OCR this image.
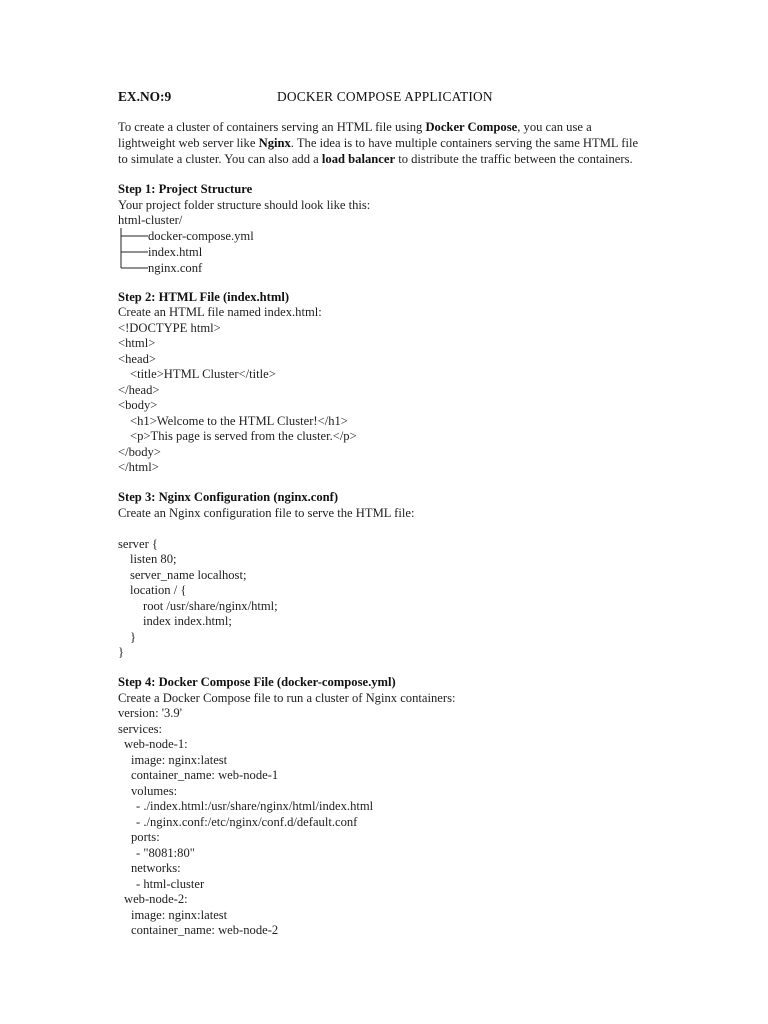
EX.NO:9	DOCKER COMPOSE APPLICATION
To create a cluster of containers serving an HTML file using Docker Compose, you can use a lightweight web server like Nginx. The idea is to have multiple containers serving the same HTML file to simulate a cluster. You can also add a load balancer to distribute the traffic between the containers.
Step 1: Project Structure
Your project folder structure should look like this:
html-cluster/
docker-compose.yml
index.html
nginx.conf
Step 2: HTML File (index.html)
Create an HTML file named index.html:
<!DOCTYPE html>
<html>
<head>
<title>HTML Cluster</title>
</head>
<body>
<h1>Welcome to the HTML Cluster!</h1>
<p>This page is served from the cluster.</p>
</body>
</html>
Step 3: Nginx Configuration (nginx.conf)
Create an Nginx configuration file to serve the HTML file:
server {
listen 80;
server_name localhost;
location / {
root /usr/share/nginx/html;
index index.html;
}
}
Step 4: Docker Compose File (docker-compose.yml)
Create a Docker Compose file to run a cluster of Nginx containers:
version: '3.9'
services:
web-node-1:
image: nginx:latest
container_name: web-node-1
volumes:
- ./index.html:/usr/share/nginx/html/index.html
- ./nginx.conf:/etc/nginx/conf.d/default.conf
ports:
- "8081:80"
networks:
- html-cluster
web-node-2:
image: nginx:latest
container_name: web-node-2
